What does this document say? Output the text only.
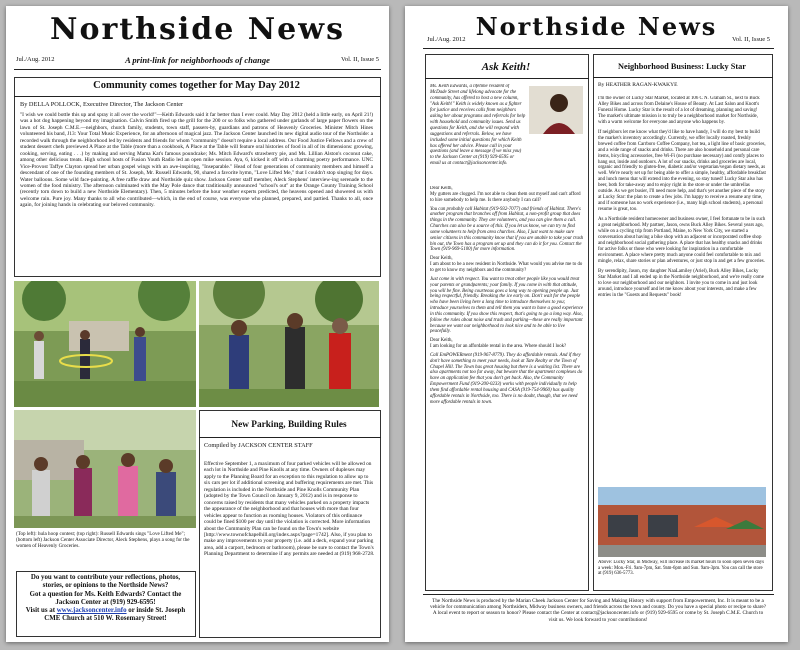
Northside News
Jul./Aug. 2012	A print-link for neighborhoods of change	Vol. II, Issue 5
Community comes together for May Day 2012
By DELLA POLLOCK, Executive Director, The Jackson Center

"I wish we could bottle this up and spray it all over the world!"—Keith Edwards said it far better than I ever could. May Day 2012 (held a little early, on April 21!) was a hot dog happening beyond my imagination. Calvin Smith fired up the grill for the 200 or so folks who gathered under garlands of large paper flowers on the lawn of St. Joseph C.M.E.—neighbors, church family, students, town staff, passers-by, guardians and patrons of Heavenly Groceries. Minister Mitch Hines volunteered his band, J13: Your Total Music Experience, for an afternoon of magical jazz. The Jackson Center launched its new digital audio tour of the Northside: a recorded walk through the neighborhood led by residents and friends for whom "community" doesn't require a local address. Our Food Justice Fellows and a crew of student dessert chefs previewed A Place at the Table (more than a cookbook, A Place at the Table will feature oral histories of food in all of its dimensions: growing, cooking, serving, eating . . .) by making and serving Mama Kat's famous poundcake; Ms. Mitch Edward's strawberry pie, and Ms. Lillian Alston's coconut cake, among other delicious treats. High school hosts of Fusion Youth Radio led an open mike session. Aya, 6, kicked it off with a charming poetry performance. UNC Vice-Provost Taffye Clayton spread her urban gospel wings with an awe-inspiring, "Inseparable." Head of four generations of community members and himself a descendant of one of the founding members of St. Joseph, Mr. Russell Edwards, 90, shared a favorite hymn, "Love Lifted Me," that I couldn't stop singing for days. Water balloons. Some wild face-painting. A free raffle draw and Northside quiz show. Jackson Center staff member, Aleck Stephens' interview-ing serenade to the women of the food ministry. The afternoon culminated with the May Pole dance that traditionally announced "school's out" at the Orange County Training School (recently torn down to build a new Northside Elementary). Then, 5 minutes before the hour weather experts predicted, the heavens opened and showered us with welcome rain. Pure joy. Many thanks to all who contributed—which, in the end of course, was everyone who planned, prepared, and partied. Thanks to all, once again, for joining hands in celebrating our beloved community.

(Top left): hula hoop contest; (top right): Russell Edwards sings "Love Lifted Me"; (bottom left) Jackson Center Associate Director, Aleck Stephens, plays a song for the women of Heavenly Groceries.
Do you want to contribute your reflections, photos, stories, or opinions to the Northside News?
Got a question for Ms. Keith Edwards? Contact the Jackson Center at (919) 929-6595!
Visit us at www.jacksoncenter.info or inside St. Joseph CME Church at 510 W. Rosemary Street!
New Parking, Building Rules
Compiled by JACKSON CENTER STAFF

Effective September 1, a maximum of four parked vehicles will be allowed on each lot in Northside and Pine Knolls at any time. Owners of duplexes may apply to the Planning Board for an exception to this regulation to allow up to six cars per lot if additional screening and buffering requirements are met. This regulation is included in the Northside and Pine Knolls Community Plan (adopted by the Town Council on January 9, 2012) and is in response to concerns raised by residents that many vehicles parked on a property impacts the appearance of the neighborhood and that houses with more than four vehicles appear to function as rooming houses. Violators of this ordinance could be fined $100 per day until the violation is corrected. More information about the Community Plan can be found on the Town's website [http://www.townofchapelhill.org/index.aspx?page=1742]. Also, if you plan to make any improvements to your property (i.e. add a deck, expand your parking area, add a carport, bedroom or bathroom), please be sure to contact the Town's Planning Department to determine if any permits are needed at (919) 968-2728.

Northside News
Jul./Aug. 2012	Vol. II, Issue 5
Ask Keith!

Ms. Keith Edwards, a lifetime resident of McDade Street and lifelong advocate for the community, has offered to host a new column, "Ask Keith!" Keith is widely known as a fighter for justice and receives calls from neighbors asking her about programs and referrals for help with household and community issues. Send us questions for Keith, and she will respond with suggestions and referrals. Below, we have included some initial questions for which Keith has offered her advice. Please call in your questions (and leave a message if we miss you) to the Jackson Center at (919) 929-6595 or email us at contact@jacksoncenter.info.

Dear Keith,
My gutters are clogged. I'm not able to clean them out myself and can't afford to hire somebody to help me. Is there anybody I can call?
You can probably call Habitat (919-932-7077) and friends of Habitat. There's another program that branches off from Habitat, a non-profit group that does things in the community. They are volunteers, and you can give them a call. Churches can also be a source of this. If you let us know, we can try to find some volunteers to help from area churches. Also, I just want to make sure senior citizens in this community know that if you are unable to take your trash bin out, the Town has a program set up and they can do it for you. Contact the Town (919-969-5100) for more information.
Dear Keith,
I am about to be a new resident in Northside. What would you advise me to do to get to know my neighbors and the community?
Just come in with respect. You want to treat other people like you would treat your parents or grandparents; your family. If you come in with that attitude, you will be fine. Being courteous goes a long way to opening people up. Just being respectful, friendly. Breaking the ice early on. Don't wait for the people who have been living here a long time to introduce themselves to you; introduce yourselves to them and tell them you want to have a good experience in this community. If you show this respect, that's going to go a long way. Also, follow the rules about noise and trash and parking—these are really important because we want our neighborhood to look nice and to be able to live peacefully.
Dear Keith,
I am looking for an affordable rental in the area. Where should I look?
Call EmPOWERment (919-967-8779). They do affordable rentals. And if they don't have something to meet your needs, look at Tate Realty or the Town of Chapel Hill. The Town has great housing but there is a waiting list. There are also apartments not too far away, but beware that the apartment complexes do have an application fee that you don't get back. Also, the Community Empowerment Fund (919-200-0233) works with people individually to help them find affordable rental housing and CASA (919-754-9960) has quality affordable rentals in Northside, too. There is no doubt, though, that we need more affordable rentals in town.
Neighborhood Business: Lucky Star
By HEATHER RAGAN-KWAKYE

I'm the owner of Lucky Star Market, located at 106 C N. Graham St., next to Buck Alley Bikes and across from Delaine's House of Beauty. At Last Salon and Knott's Funeral Home. Lucky Star is the result of a lot of dreaming, planning and saving! The market's ultimate mission is to truly be a neighborhood market for Northside, with a warm welcome for everyone and anyone who happens by.

If neighbors let me know what they'd like to have handy, I will do my best to build the market's inventory accordingly. Currently, we offer locally roasted, freshly brewed coffee from Carrboro Coffee Company, hot tea, a light line of basic groceries, and a wide range of snacks and drinks. There are also household and personal care items, bicycling accessories, free Wi-Fi (no purchase necessary) and comfy places to hang out, inside and outdoors. A lot of our snacks, drinks and groceries are local, organic and friendly to gluten-free, diabetic and/or vegetarian/vegan dietary needs, as well. We're nearly set up for being able to offer a simple, healthy, affordable breakfast and lunch menu that will extend into the evening, so stay tuned! Lucky Star also has beer, both for take-away and to enjoy right in the store or under the umbrellas outside. As we get busier, I'll need more help, and that's yet another piece of the story at Lucky Star: the plan to create a few jobs. I'm happy to receive a resume any time, and if someone has no work experience (i.e., many high school students), a personal resume is great, too.

As a Northside resident homeowner and business owner, I feel fortunate to be in such a great neighborhood. My partner, Jason, owns Buck Alley Bikes. Several years ago, while on a cycling trip from Portland, Maine, to New York City, we started a conversation about having a bike shop with an adjacent or incorporated coffee shop and neighborhood social gathering place. A place that has healthy snacks and drinks for active folks or those who were looking for inspiration in a comfortable environment. A place where pretty much anyone could feel comfortable to mix and mingle, relax, share stories or plan adventures, or just stop in and get a few groceries.

By serendipity, Jason, my daughter NaaLamiley (Ariel), Buck Alley Bikes, Lucky Star Market and I all ended up in the Northside neighborhood, and we're really come to love our neighborhood and our neighbors. I invite you to come in and just look around, introduce yourself and let me know about your interests, and make a few entries in the "Guests and Requests" book!

Above: Lucky Star, in Midway, will increase its market hours to soon open seven days a week: Mon.-Fri. 9am-7pm, Sat. 9am-6pm and Sun. 9am-3pm. You can call the store at (919) 636-5773.
The Northside News is produced by the Marian Cheek Jackson Center for Saving and Making History with support from Empowerment, Inc. It is meant to be a vehicle for communication among Northsiders, Midway business owners, and friends across the town and county. Do you have a special photo or recipe to share? A local event to report or season to honor? Please contact the Center at contact@jacksoncenter.info or (919) 929-6595 or come by St. Joseph C.M.E. Church to visit us. We look forward to your contributions!
